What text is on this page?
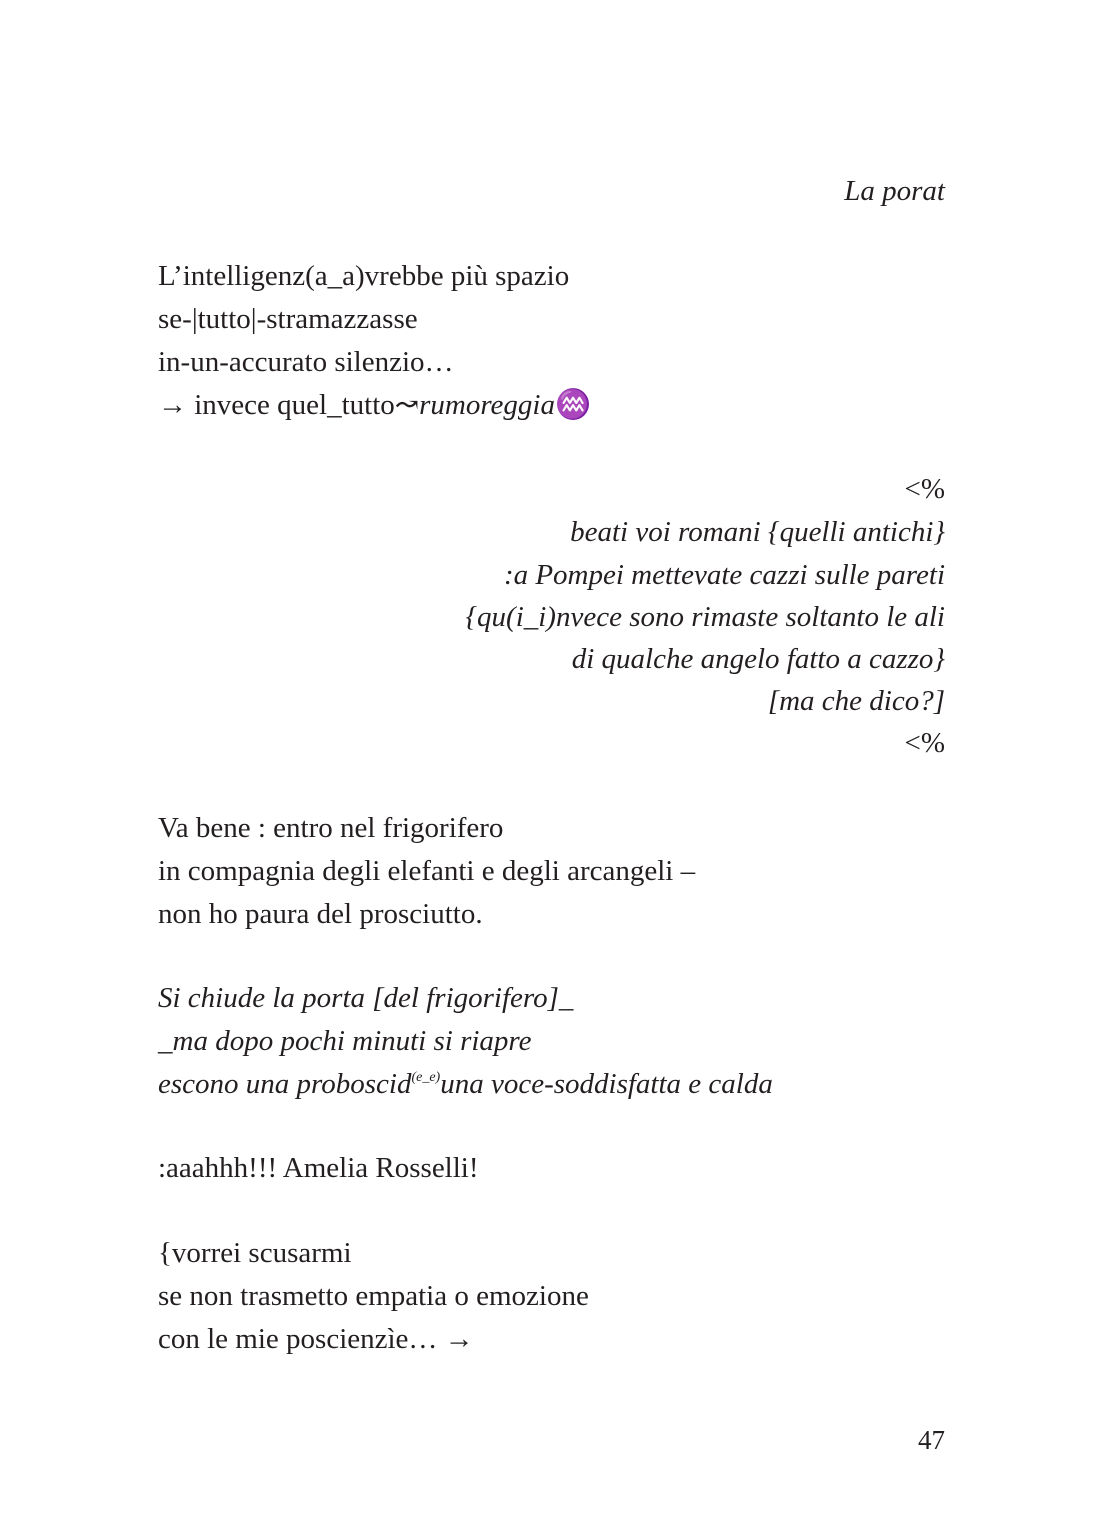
La porat
L’intelligenz(a_a)vrebbe più spazio
se-|tutto|-stramazzasse
in-un-accurato silenzio…
→ invece quel_tutto↝rumoreggia♒
<%
beati voi romani {quelli antichi}
:a Pompei mettevate cazzi sulle pareti
{qu(i_i)nvece sono rimaste soltanto le ali
di qualche angelo fatto a cazzo}
[ma che dico?]
<%
Va bene : entro nel frigorifero
in compagnia degli elefanti e degli arcangeli –
non ho paura del prosciutto.
Si chiude la porta [del frigorifero]_
_ma dopo pochi minuti si riapre
escono una proboscid$^{(e\_e)}$una voce-soddisfatta e calda
:aaahhh!!! Amelia Rosselli!
{vorrei scusarmi
se non trasmetto empatia o emozione
con le mie poscienzìe… →
47
